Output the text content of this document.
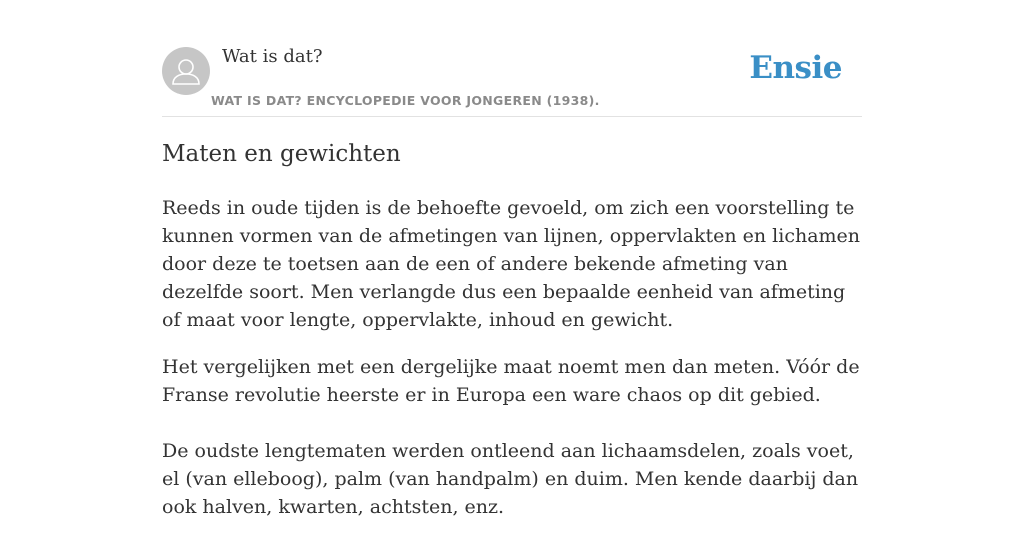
Wat is dat?
WAT IS DAT? ENCYCLOPEDIE VOOR JONGEREN (1938).
Ensie
Maten en gewichten

Reeds in oude tijden is de behoefte gevoeld, om zich een voorstelling te kunnen vormen van de afmetingen van lijnen, oppervlakten en lichamen door deze te toetsen aan de een of andere bekende afmeting van dezelfde soort. Men verlangde dus een bepaalde eenheid van afmeting of maat voor lengte, oppervlakte, inhoud en gewicht.

Het vergelijken met een dergelijke maat noemt men dan meten. Vóór de Franse revolutie heerste er in Europa een ware chaos op dit gebied.

De oudste lengtematen werden ontleend aan lichaamsdelen, zoals voet, el (van elleboog), palm (van handpalm) en duim. Men kende daarbij dan ook halven, kwarten, achtsten, enz.
